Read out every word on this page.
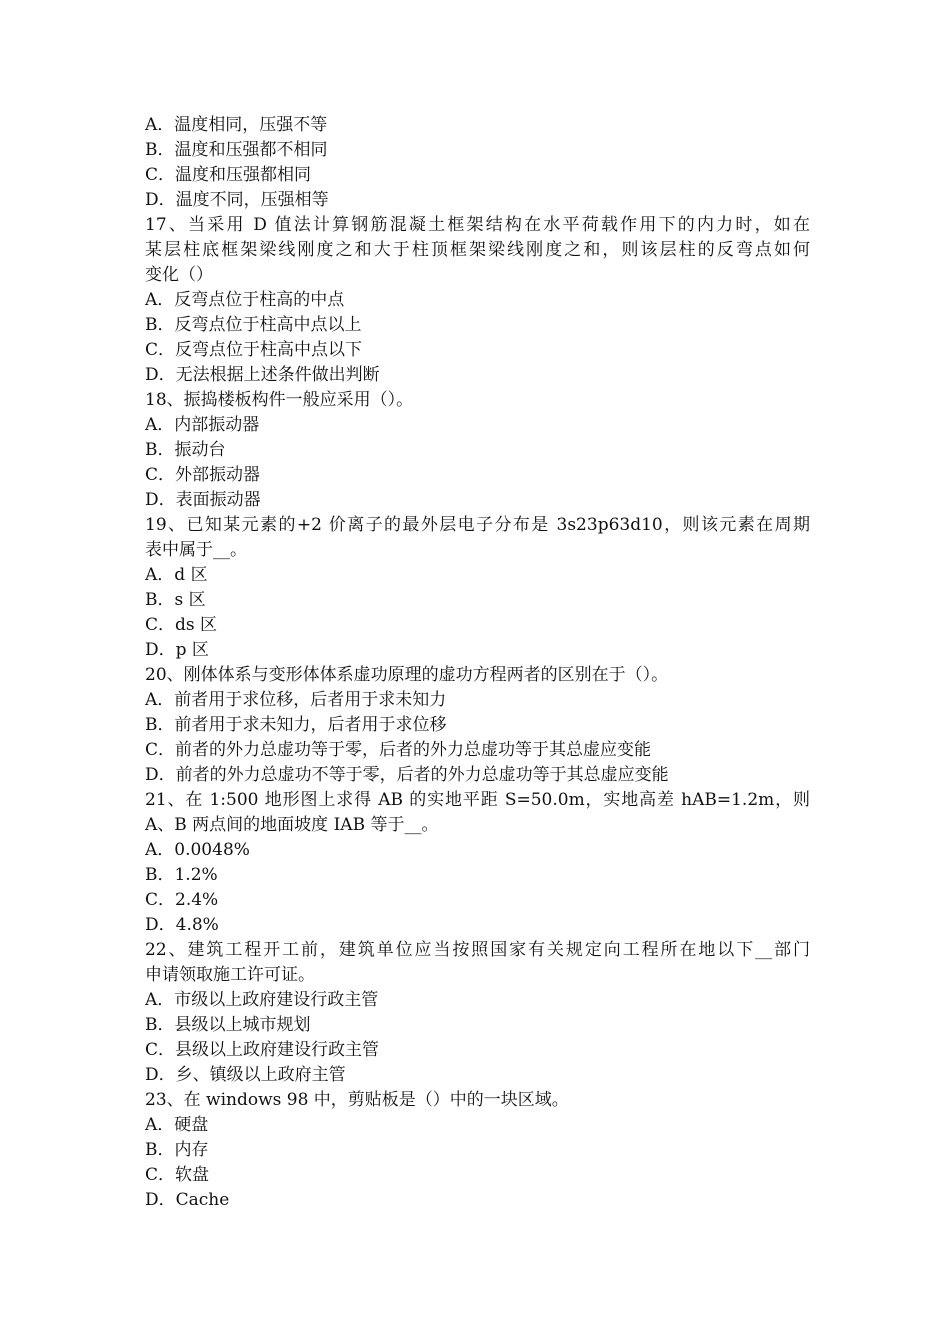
A．温度相同，压强不等
B．温度和压强都不相同
C．温度和压强都相同
D．温度不同，压强相等
17、当采用 D 值法计算钢筋混凝土框架结构在水平荷载作用下的内力时，如在
某层柱底框架梁线刚度之和大于柱顶框架梁线刚度之和，则该层柱的反弯点如何
变化（）
A．反弯点位于柱高的中点
B．反弯点位于柱高中点以上
C．反弯点位于柱高中点以下
D．无法根据上述条件做出判断
18、振捣楼板构件一般应采用（）。
A．内部振动器
B．振动台
C．外部振动器
D．表面振动器
19、已知某元素的+2 价离子的最外层电子分布是 3s23p63d10，则该元素在周期
表中属于__。
A．d 区
B．s 区
C．ds 区
D．p 区
20、刚体体系与变形体体系虚功原理的虚功方程两者的区别在于（）。
A．前者用于求位移，后者用于求未知力
B．前者用于求未知力，后者用于求位移
C．前者的外力总虚功等于零，后者的外力总虚功等于其总虚应变能
D．前者的外力总虚功不等于零，后者的外力总虚功等于其总虚应变能
21、在 1:500 地形图上求得 AB 的实地平距 S=50.0m，实地高差 hAB=1.2m，则
A、B 两点间的地面坡度 IAB 等于__。
A．0.0048%
B．1.2%
C．2.4%
D．4.8%
22、建筑工程开工前，建筑单位应当按照国家有关规定向工程所在地以下__部门
申请领取施工许可证。
A．市级以上政府建设行政主管
B．县级以上城市规划
C．县级以上政府建设行政主管
D．乡、镇级以上政府主管
23、在 windows 98 中，剪贴板是（）中的一块区域。
A．硬盘
B．内存
C．软盘
D．Cache
